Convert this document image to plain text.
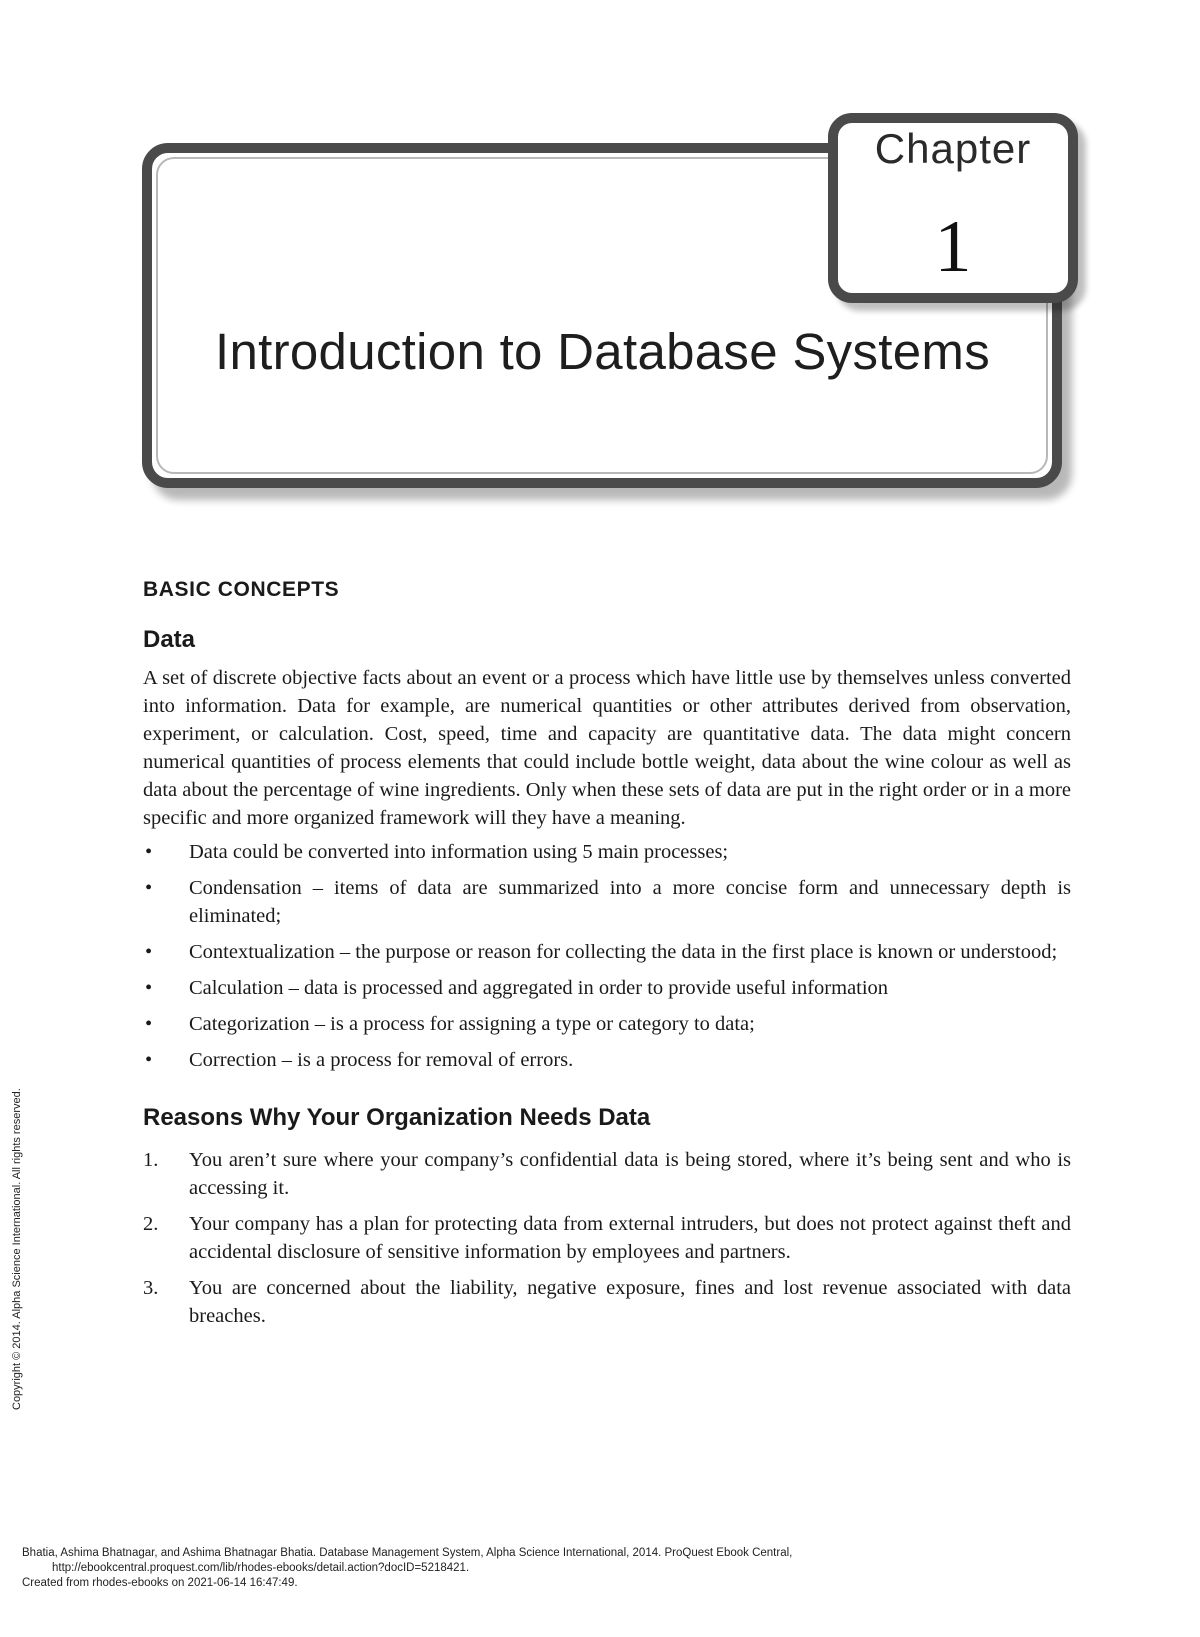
Chapter
1
Introduction to Database Systems
BASIC CONCEPTS
Data

A set of discrete objective facts about an event or a process which have little use by themselves unless converted into information. Data for example, are numerical quantities or other attributes derived from observation, experiment, or calculation. Cost, speed, time and capacity are quantitative data. The data might concern numerical quantities of process elements that could include bottle weight, data about the wine colour as well as data about the percentage of wine ingredients. Only when these sets of data are put in the right order or in a more specific and more organized framework will they have a meaning.

• Data could be converted into information using 5 main processes;
• Condensation – items of data are summarized into a more concise form and unnecessary depth is eliminated;
• Contextualization – the purpose or reason for collecting the data in the first place is known or understood;
• Calculation – data is processed and aggregated in order to provide useful information
• Categorization – is a process for assigning a type or category to data;
• Correction – is a process for removal of errors.
Reasons Why Your Organization Needs Data
1. You aren’t sure where your company’s confidential data is being stored, where it’s being sent and who is accessing it.
2. Your company has a plan for protecting data from external intruders, but does not protect against theft and accidental disclosure of sensitive information by employees and partners.
3. You are concerned about the liability, negative exposure, fines and lost revenue associated with data breaches.
Copyright © 2014. Alpha Science International. All rights reserved.
Bhatia, Ashima Bhatnagar, and Ashima Bhatnagar Bhatia. Database Management System, Alpha Science International, 2014. ProQuest Ebook Central,
http://ebookcentral.proquest.com/lib/rhodes-ebooks/detail.action?docID=5218421.
Created from rhodes-ebooks on 2021-06-14 16:47:49.
